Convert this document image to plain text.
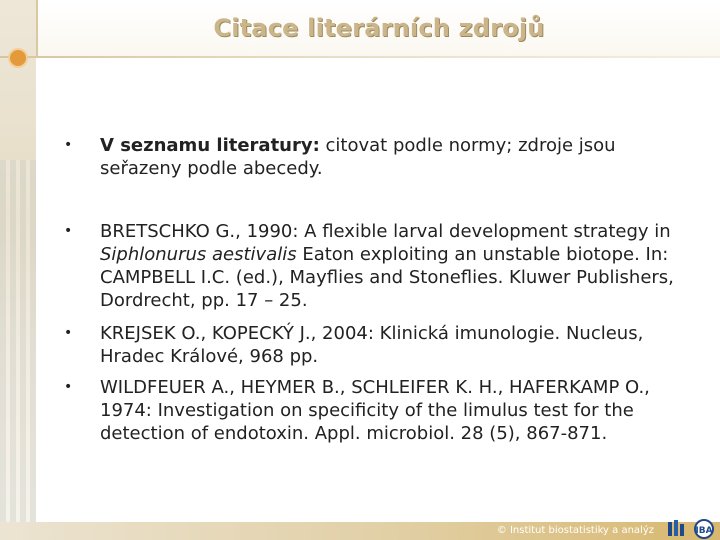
Citace literárních zdrojů
•	V seznamu literatury: citovat podle normy; zdroje jsou seřazeny podle abecedy.
•	BRETSCHKO G., 1990: A flexible larval development strategy in Siphlonurus aestivalis Eaton exploiting an unstable biotope. In: CAMPBELL I.C. (ed.), Mayflies and Stoneflies. Kluwer Publishers, Dordrecht, pp. 17 – 25.
•	KREJSEK O., KOPECKÝ J., 2004: Klinická imunologie. Nucleus, Hradec Králové, 968 pp.
•	WILDFEUER A., HEYMER B., SCHLEIFER K. H., HAFERKAMP O., 1974: Investigation on specificity of the limulus test for the detection of endotoxin. Appl. microbiol. 28 (5), 867-871.
© Institut biostatistiky a analýz	IBA
